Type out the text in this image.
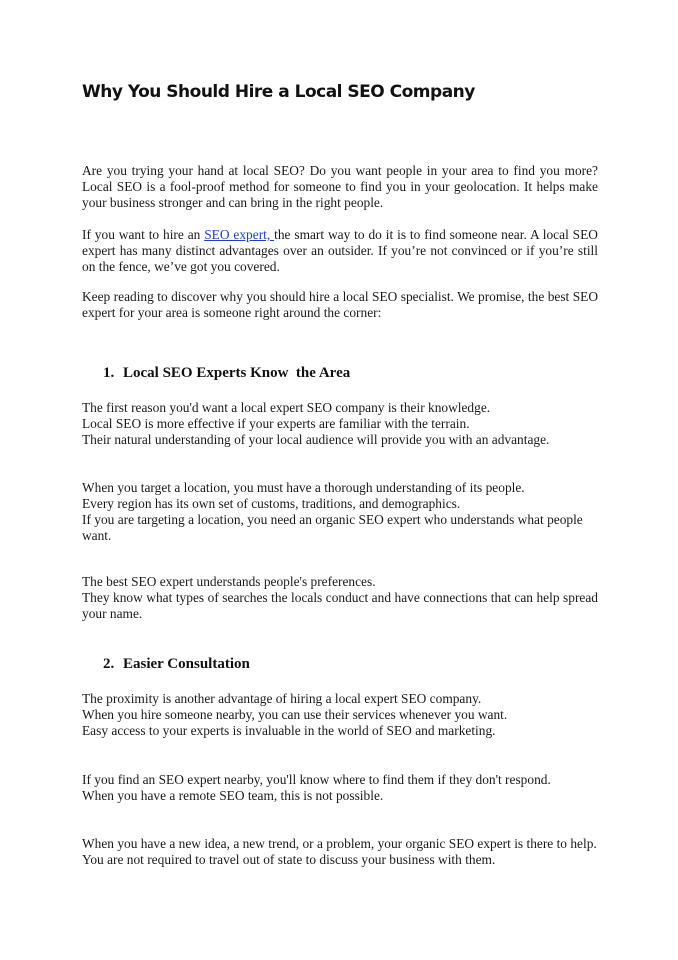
Why You Should Hire a Local SEO Company

Are you trying your hand at local SEO? Do you want people in your area to find you more? Local SEO is a fool-proof method for someone to find you in your geolocation. It helps make your business stronger and can bring in the right people.

If you want to hire an SEO expert, the smart way to do it is to find someone near. A local SEO expert has many distinct advantages over an outsider. If you’re not convinced or if you’re still on the fence, we’ve got you covered.

Keep reading to discover why you should hire a local SEO specialist. We promise, the best SEO expert for your area is someone right around the corner:

1. Local SEO Experts Know  the Area

The first reason you'd want a local expert SEO company is their knowledge.
Local SEO is more effective if your experts are familiar with the terrain.
Their natural understanding of your local audience will provide you with an advantage.

When you target a location, you must have a thorough understanding of its people.
Every region has its own set of customs, traditions, and demographics.
If you are targeting a location, you need an organic SEO expert who understands what people want.

The best SEO expert understands people's preferences.
They know what types of searches the locals conduct and have connections that can help spread your name.

2. Easier Consultation

The proximity is another advantage of hiring a local expert SEO company.
When you hire someone nearby, you can use their services whenever you want.
Easy access to your experts is invaluable in the world of SEO and marketing.

If you find an SEO expert nearby, you'll know where to find them if they don't respond.
When you have a remote SEO team, this is not possible.

When you have a new idea, a new trend, or a problem, your organic SEO expert is there to help.
You are not required to travel out of state to discuss your business with them.
